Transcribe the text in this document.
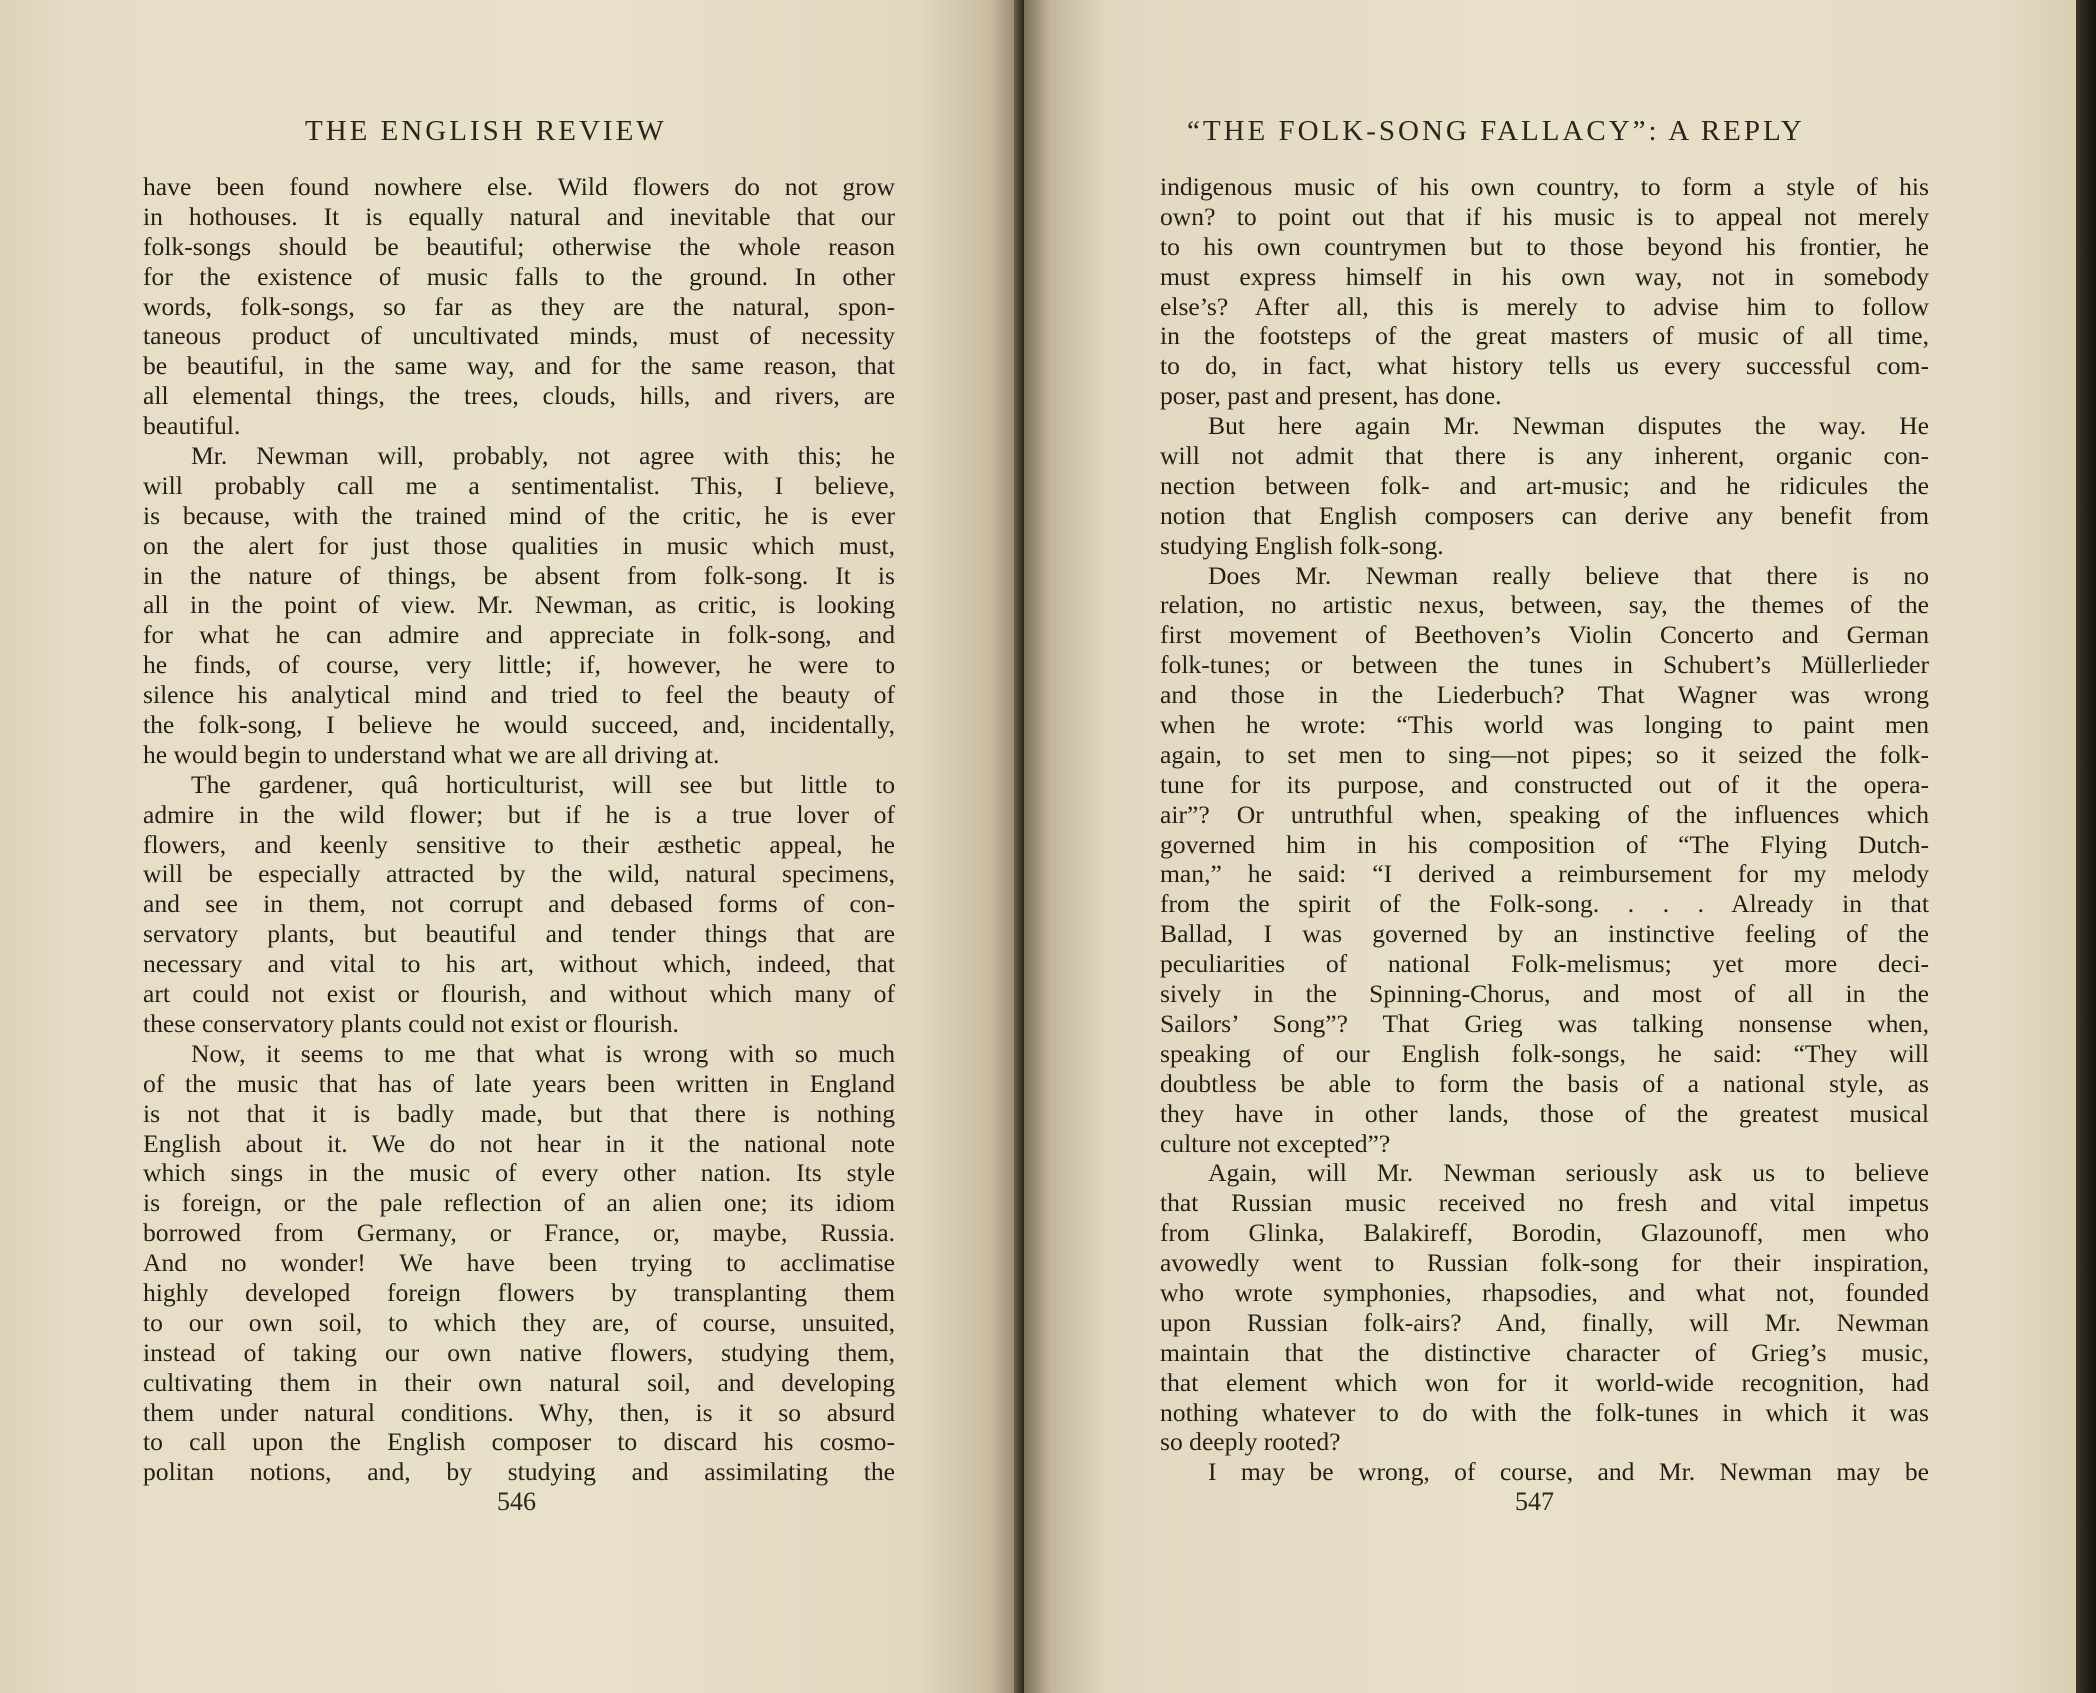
THE ENGLISH REVIEW
have been found nowhere else. Wild flowers do not grow
in hothouses. It is equally natural and inevitable that our
folk-songs should be beautiful; otherwise the whole reason
for the existence of music falls to the ground. In other
words, folk-songs, so far as they are the natural, spon-
taneous product of uncultivated minds, must of necessity
be beautiful, in the same way, and for the same reason, that
all elemental things, the trees, clouds, hills, and rivers, are
beautiful.
Mr. Newman will, probably, not agree with this; he
will probably call me a sentimentalist. This, I believe,
is because, with the trained mind of the critic, he is ever
on the alert for just those qualities in music which must,
in the nature of things, be absent from folk-song. It is
all in the point of view. Mr. Newman, as critic, is looking
for what he can admire and appreciate in folk-song, and
he finds, of course, very little; if, however, he were to
silence his analytical mind and tried to feel the beauty of
the folk-song, I believe he would succeed, and, incidentally,
he would begin to understand what we are all driving at.
The gardener, quâ horticulturist, will see but little to
admire in the wild flower; but if he is a true lover of
flowers, and keenly sensitive to their æsthetic appeal, he
will be especially attracted by the wild, natural specimens,
and see in them, not corrupt and debased forms of con-
servatory plants, but beautiful and tender things that are
necessary and vital to his art, without which, indeed, that
art could not exist or flourish, and without which many of
these conservatory plants could not exist or flourish.
Now, it seems to me that what is wrong with so much
of the music that has of late years been written in England
is not that it is badly made, but that there is nothing
English about it. We do not hear in it the national note
which sings in the music of every other nation. Its style
is foreign, or the pale reflection of an alien one; its idiom
borrowed from Germany, or France, or, maybe, Russia.
And no wonder! We have been trying to acclimatise
highly developed foreign flowers by transplanting them
to our own soil, to which they are, of course, unsuited,
instead of taking our own native flowers, studying them,
cultivating them in their own natural soil, and developing
them under natural conditions. Why, then, is it so absurd
to call upon the English composer to discard his cosmo-
politan notions, and, by studying and assimilating the
546
“THE FOLK-SONG FALLACY”: A REPLY
indigenous music of his own country, to form a style of his
own? to point out that if his music is to appeal not merely
to his own countrymen but to those beyond his frontier, he
must express himself in his own way, not in somebody
else’s? After all, this is merely to advise him to follow
in the footsteps of the great masters of music of all time,
to do, in fact, what history tells us every successful com-
poser, past and present, has done.
But here again Mr. Newman disputes the way. He
will not admit that there is any inherent, organic con-
nection between folk- and art-music; and he ridicules the
notion that English composers can derive any benefit from
studying English folk-song.
Does Mr. Newman really believe that there is no
relation, no artistic nexus, between, say, the themes of the
first movement of Beethoven’s Violin Concerto and German
folk-tunes; or between the tunes in Schubert’s Müllerlieder
and those in the Liederbuch? That Wagner was wrong
when he wrote: “This world was longing to paint men
again, to set men to sing—not pipes; so it seized the folk-
tune for its purpose, and constructed out of it the opera-
air”? Or untruthful when, speaking of the influences which
governed him in his composition of “The Flying Dutch-
man,” he said: “I derived a reimbursement for my melody
from the spirit of the Folk-song. . . . Already in that
Ballad, I was governed by an instinctive feeling of the
peculiarities of national Folk-melismus; yet more deci-
sively in the Spinning-Chorus, and most of all in the
Sailors’ Song”? That Grieg was talking nonsense when,
speaking of our English folk-songs, he said: “They will
doubtless be able to form the basis of a national style, as
they have in other lands, those of the greatest musical
culture not excepted”?
Again, will Mr. Newman seriously ask us to believe
that Russian music received no fresh and vital impetus
from Glinka, Balakireff, Borodin, Glazounoff, men who
avowedly went to Russian folk-song for their inspiration,
who wrote symphonies, rhapsodies, and what not, founded
upon Russian folk-airs? And, finally, will Mr. Newman
maintain that the distinctive character of Grieg’s music,
that element which won for it world-wide recognition, had
nothing whatever to do with the folk-tunes in which it was
so deeply rooted?
I may be wrong, of course, and Mr. Newman may be
547
